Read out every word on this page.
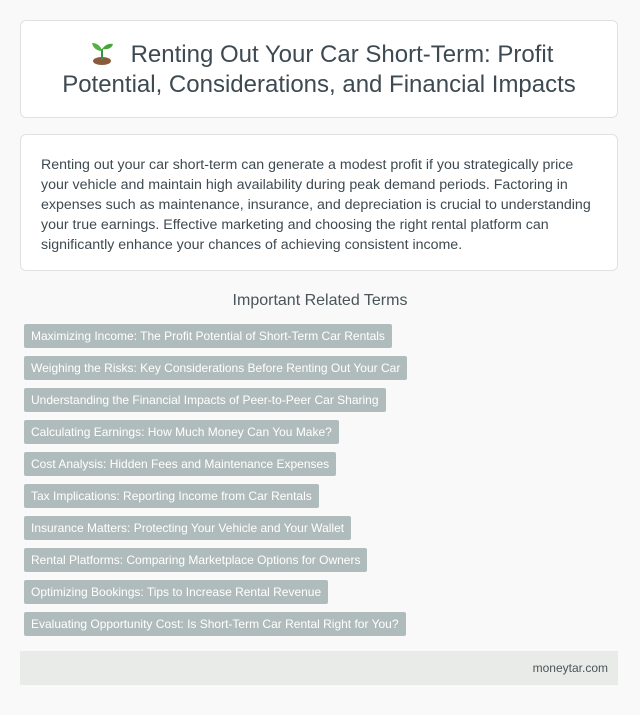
Renting Out Your Car Short-Term: Profit Potential, Considerations, and Financial Impacts

Renting out your car short-term can generate a modest profit if you strategically price your vehicle and maintain high availability during peak demand periods. Factoring in expenses such as maintenance, insurance, and depreciation is crucial to understanding your true earnings. Effective marketing and choosing the right rental platform can significantly enhance your chances of achieving consistent income.

Important Related Terms
Maximizing Income: The Profit Potential of Short-Term Car Rentals
Weighing the Risks: Key Considerations Before Renting Out Your Car
Understanding the Financial Impacts of Peer-to-Peer Car Sharing
Calculating Earnings: How Much Money Can You Make?
Cost Analysis: Hidden Fees and Maintenance Expenses
Tax Implications: Reporting Income from Car Rentals
Insurance Matters: Protecting Your Vehicle and Your Wallet
Rental Platforms: Comparing Marketplace Options for Owners
Optimizing Bookings: Tips to Increase Rental Revenue
Evaluating Opportunity Cost: Is Short-Term Car Rental Right for You?
moneytar.com
